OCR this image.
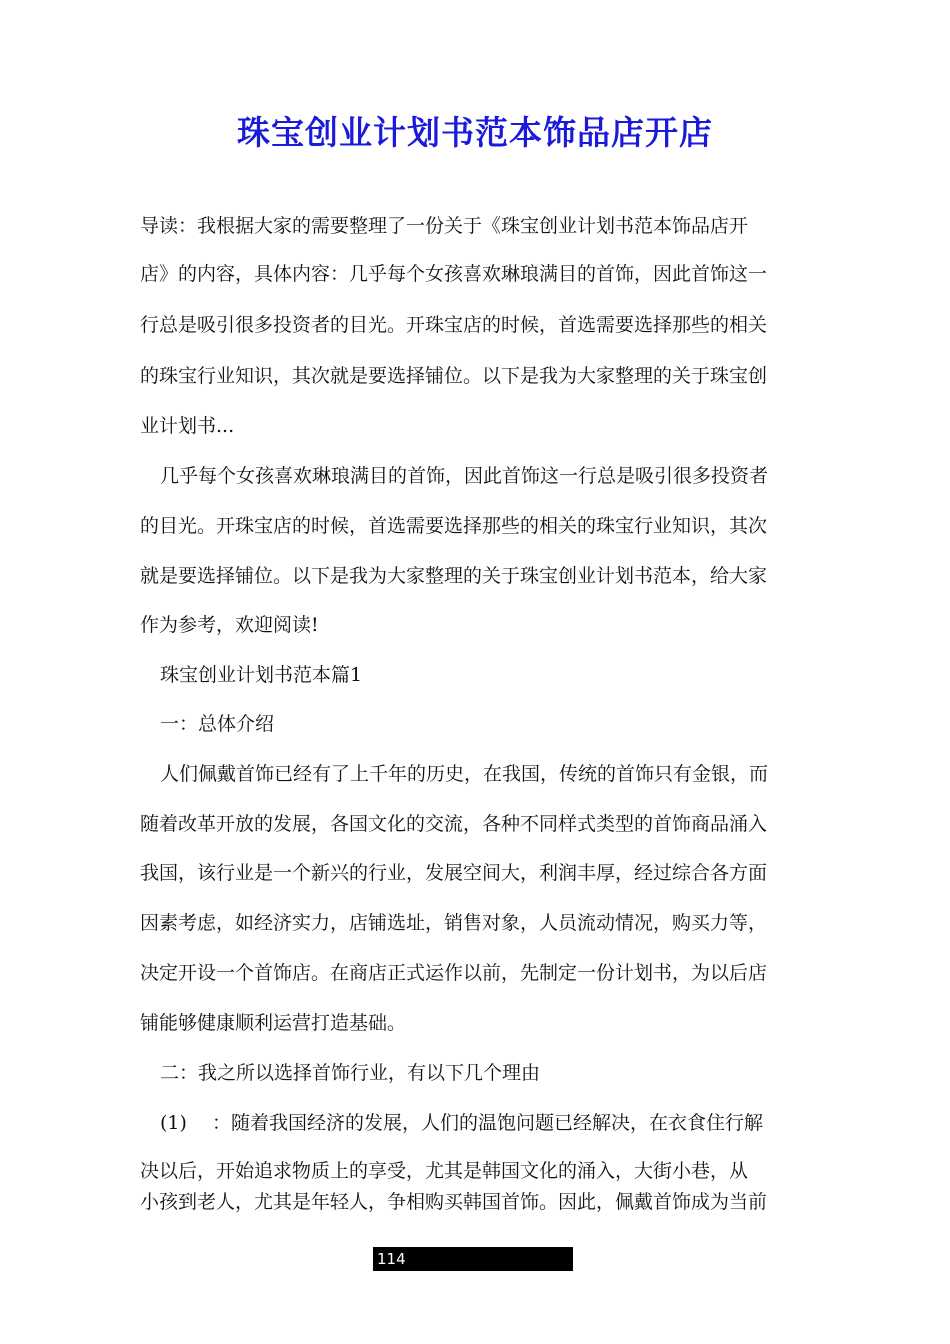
珠宝创业计划书范本饰品店开店
导读：我根据大家的需要整理了一份关于《珠宝创业计划书范本饰品店开
店》的内容，具体内容：几乎每个女孩喜欢琳琅满目的首饰，因此首饰这一
行总是吸引很多投资者的目光。开珠宝店的时候，首选需要选择那些的相关
的珠宝行业知识，其次就是要选择铺位。以下是我为大家整理的关于珠宝创
业计划书...
几乎每个女孩喜欢琳琅满目的首饰，因此首饰这一行总是吸引很多投资者
的目光。开珠宝店的时候，首选需要选择那些的相关的珠宝行业知识，其次
就是要选择铺位。以下是我为大家整理的关于珠宝创业计划书范本，给大家
作为参考，欢迎阅读!
珠宝创业计划书范本篇1
一：总体介绍
人们佩戴首饰已经有了上千年的历史，在我国，传统的首饰只有金银，而
随着改革开放的发展，各国文化的交流，各种不同样式类型的首饰商品涌入
我国，该行业是一个新兴的行业，发展空间大，利润丰厚，经过综合各方面
因素考虑，如经济实力，店铺选址，销售对象，人员流动情况，购买力等，
决定开设一个首饰店。在商店正式运作以前，先制定一份计划书，为以后店
铺能够健康顺利运营打造基础。
二：我之所以选择首饰行业，有以下几个理由
(1)　 ：随着我国经济的发展，人们的温饱问题已经解决，在衣食住行解
决以后，开始追求物质上的享受，尤其是韩国文化的涌入，大街小巷，从
小孩到老人，尤其是年轻人，争相购买韩国首饰。因此，佩戴首饰成为当前
114
